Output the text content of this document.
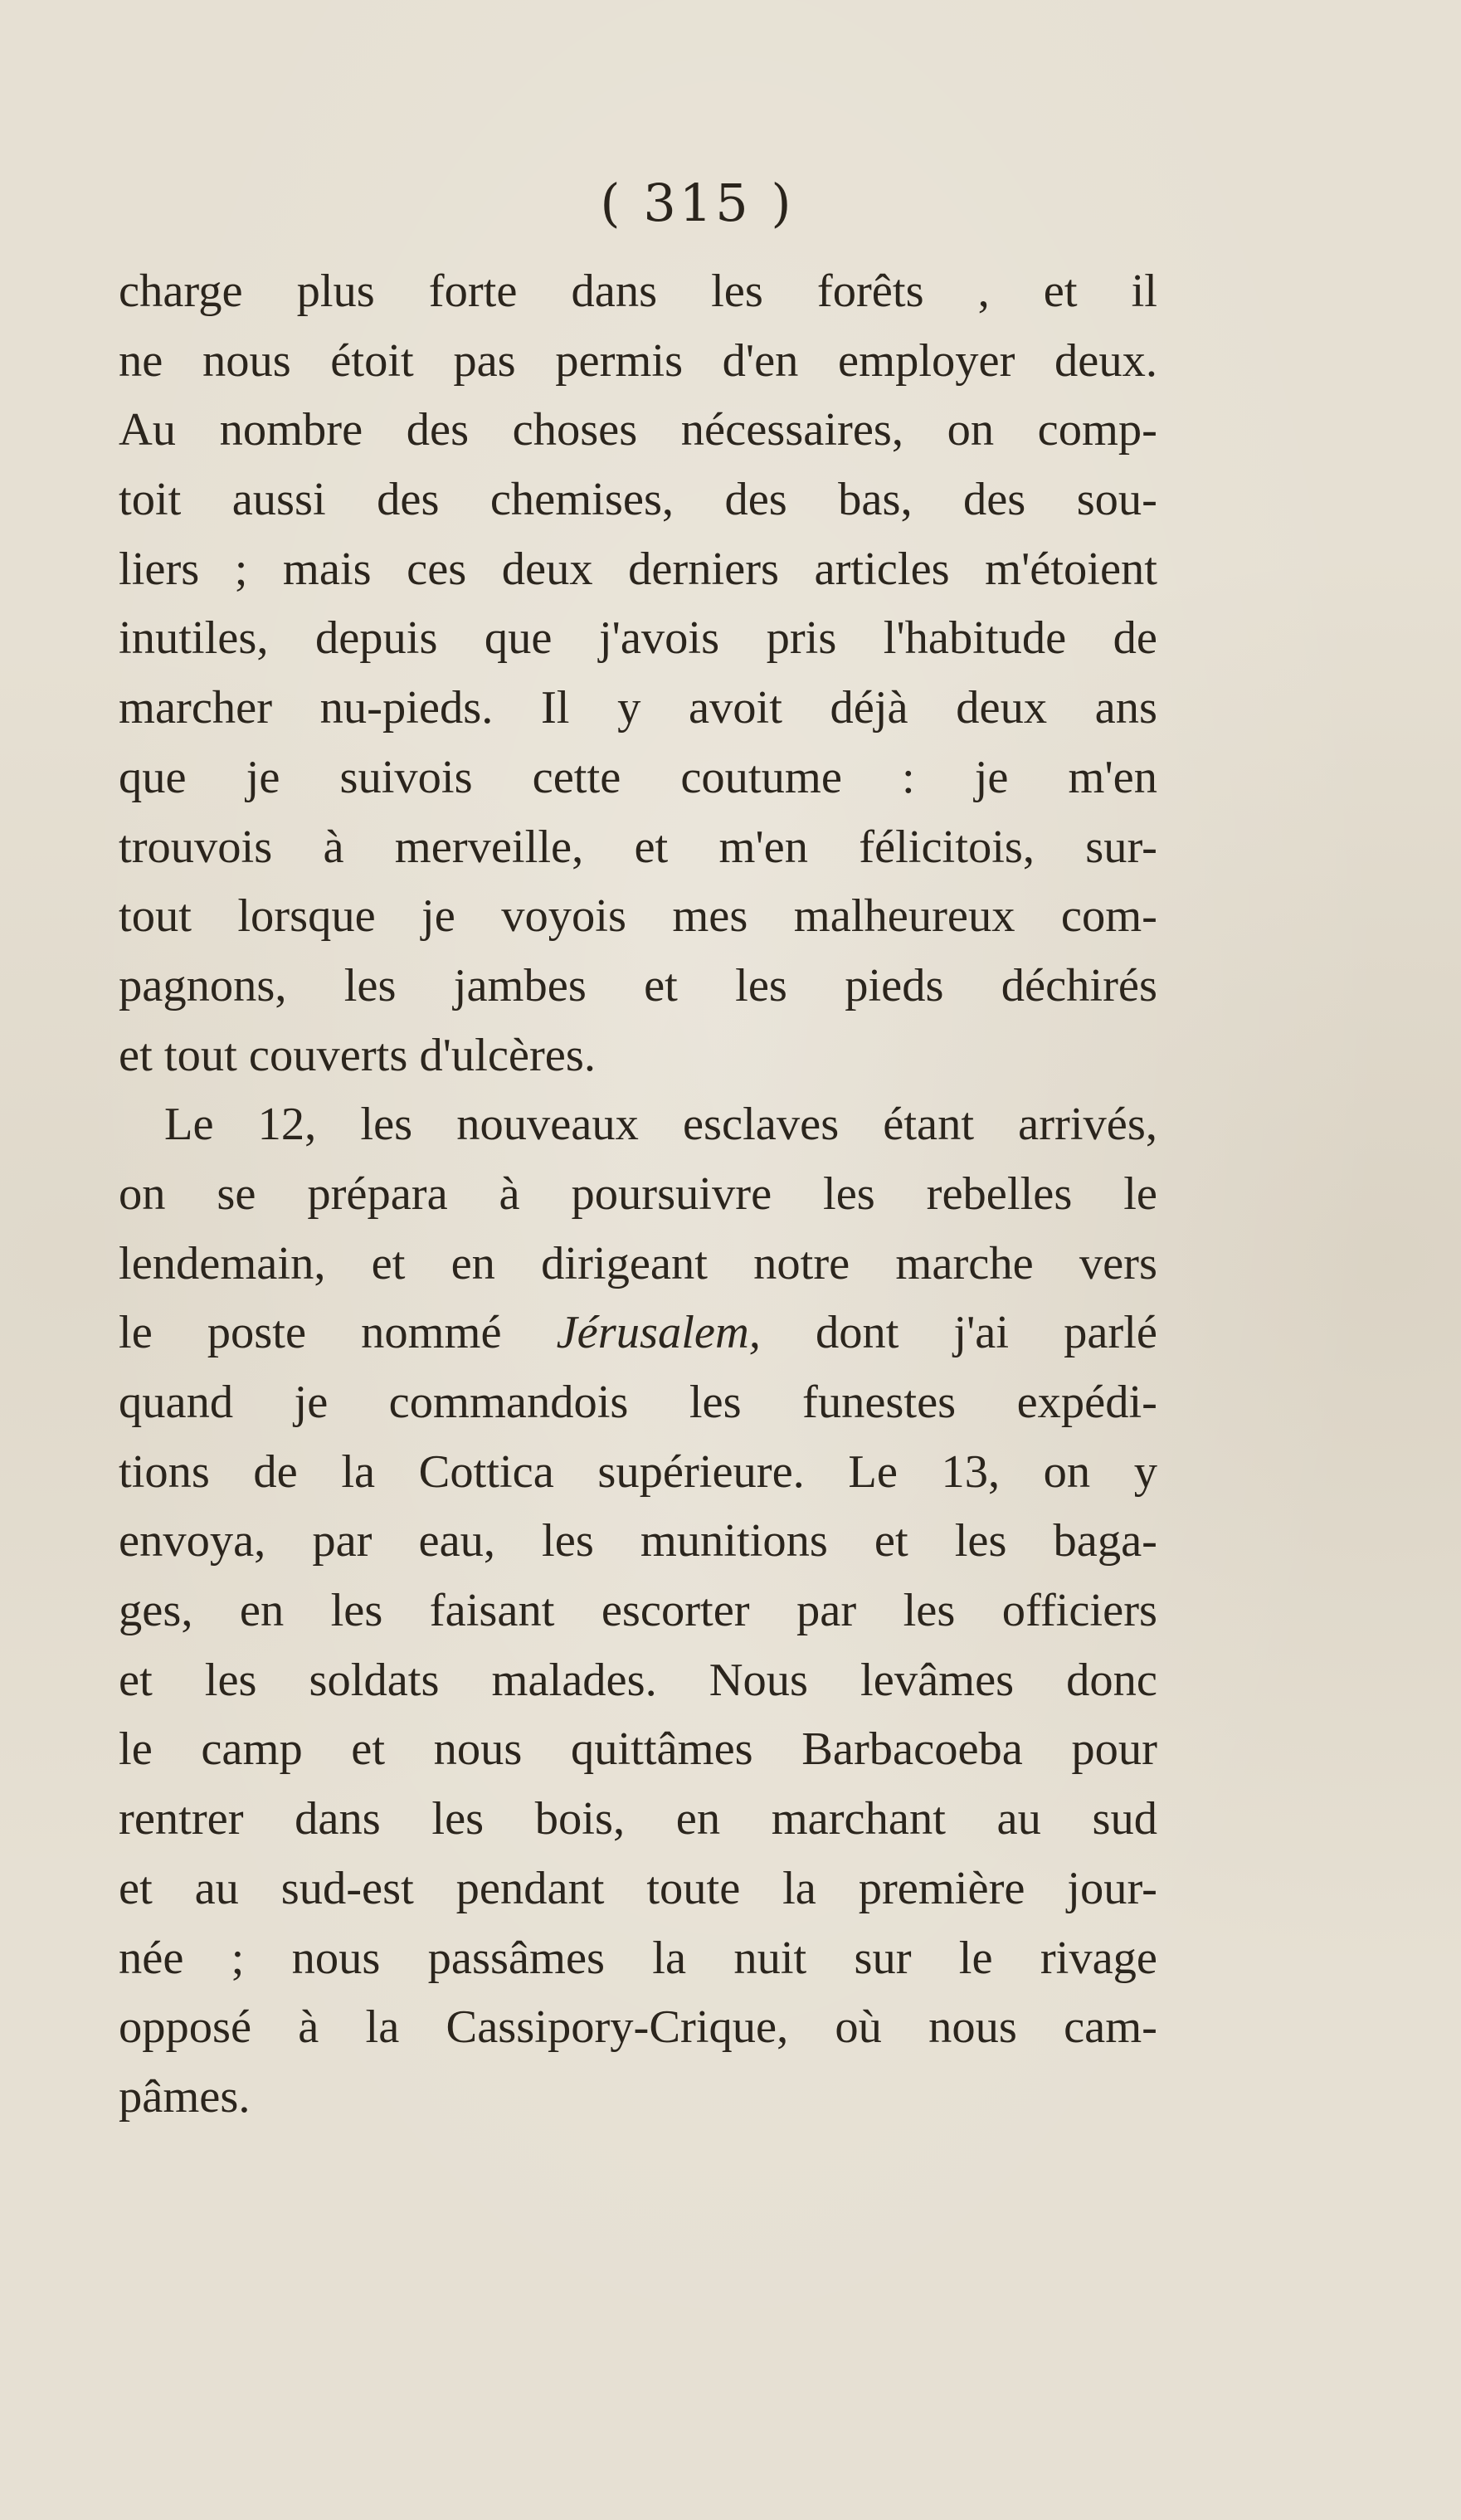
( 315 )
charge plus forte dans les forêts , et il
ne nous étoit pas permis d'en employer deux.
Au nombre des choses nécessaires, on comp-
toit aussi des chemises, des bas, des sou-
liers ; mais ces deux derniers articles m'étoient
inutiles, depuis que j'avois pris l'habitude de
marcher nu-pieds. Il y avoit déjà deux ans
que je suivois cette coutume : je m'en
trouvois à merveille, et m'en félicitois, sur-
tout lorsque je voyois mes malheureux com-
pagnons, les jambes et les pieds déchirés
et tout couverts d'ulcères.
Le 12, les nouveaux esclaves étant arrivés,
on se prépara à poursuivre les rebelles le
lendemain, et en dirigeant notre marche vers
le poste nommé Jérusalem, dont j'ai parlé
quand je commandois les funestes expédi-
tions de la Cottica supérieure. Le 13, on y
envoya, par eau, les munitions et les baga-
ges, en les faisant escorter par les officiers
et les soldats malades. Nous levâmes donc
le camp et nous quittâmes Barbacoeba pour
rentrer dans les bois, en marchant au sud
et au sud-est pendant toute la première jour-
née ; nous passâmes la nuit sur le rivage
opposé à la Cassipory-Crique, où nous cam-
pâmes.
